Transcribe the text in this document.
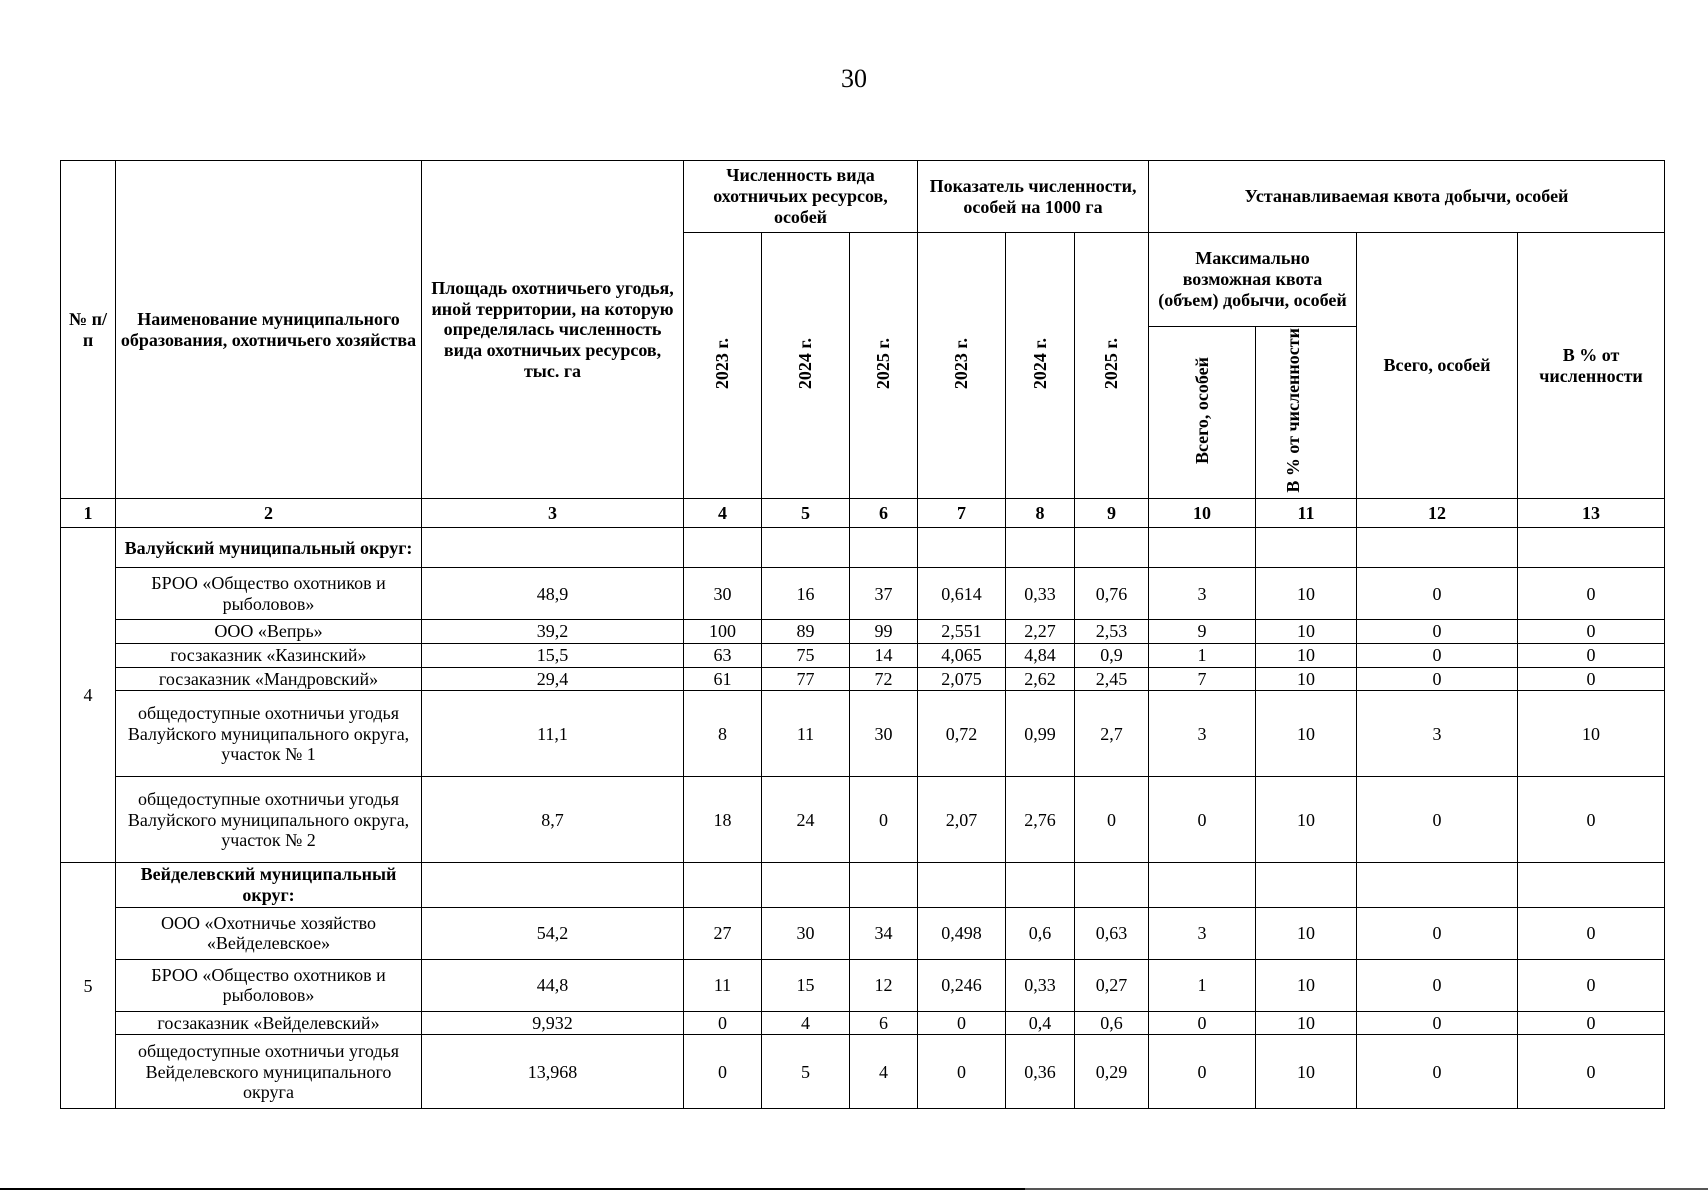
30
№ п/п	Наименование муниципального образования, охотничьего хозяйства	Площадь охотничьего угодья, иной территории, на которую определялась численность вида охотничьих ресурсов, тыс. га	Численность вида охотничьих ресурсов, особей			Показатель численности, особей на 1000 га			Устанавливаемая квота добычи, особей			
			2023 г.	2024 г.	2025 г.	2023 г.	2024 г.	2025 г.	Максимально возможная квота (объем) добычи, особей		Всего, особей	В % от численности
									Всего, особей	В % от численности		
1	2	3	4	5	6	7	8	9	10	11	12	13
4	Валуйский муниципальный округ:											
	БРОО «Общество охотников и рыболовов»	48,9	30	16	37	0,614	0,33	0,76	3	10	0	0
	ООО «Вепрь»	39,2	100	89	99	2,551	2,27	2,53	9	10	0	0
	госзаказник «Казинский»	15,5	63	75	14	4,065	4,84	0,9	1	10	0	0
	госзаказник «Мандровский»	29,4	61	77	72	2,075	2,62	2,45	7	10	0	0
	общедоступные охотничьи угодья Валуйского муниципального округа, участок № 1	11,1	8	11	30	0,72	0,99	2,7	3	10	3	10
	общедоступные охотничьи угодья Валуйского муниципального округа, участок № 2	8,7	18	24	0	2,07	2,76	0	0	10	0	0
5	Вейделевский муниципальный округ:											
	ООО «Охотничье хозяйство «Вейделевское»	54,2	27	30	34	0,498	0,6	0,63	3	10	0	0
	БРОО «Общество охотников и рыболовов»	44,8	11	15	12	0,246	0,33	0,27	1	10	0	0
	госзаказник «Вейделевский»	9,932	0	4	6	0	0,4	0,6	0	10	0	0
	общедоступные охотничьи угодья Вейделевского муниципального округа	13,968	0	5	4	0	0,36	0,29	0	10	0	0
